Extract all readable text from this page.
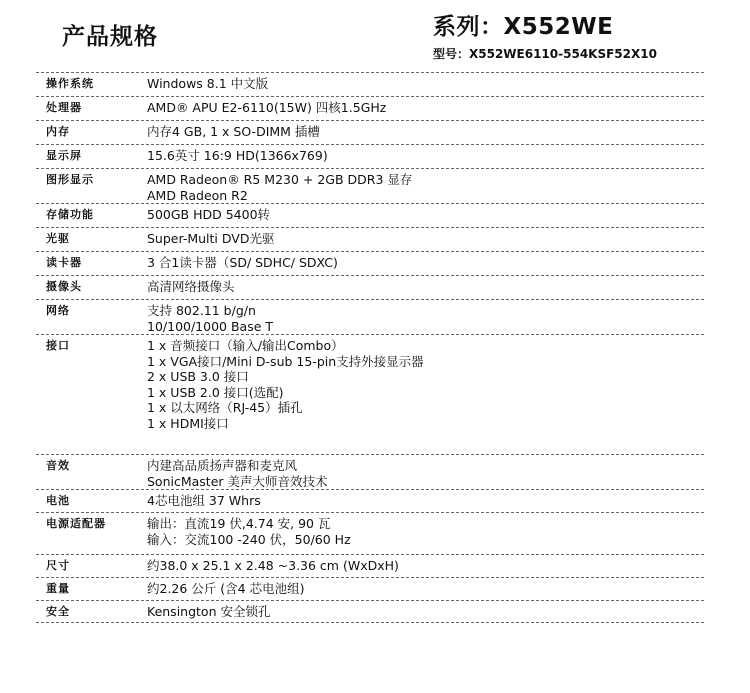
产品规格	系列：X552WE
型号：X552WE6110-554KSF52X10
操作系统	Windows 8.1 中文版
处理器	AMD® APU E2-6110(15W) 四核1.5GHz
内存	内存4 GB, 1 x SO-DIMM 插槽
显示屏	15.6英寸 16:9 HD(1366x769)
图形显示	AMD Radeon® R5 M230 + 2GB DDR3 显存
AMD Radeon R2
存储功能	500GB HDD 5400转
光驱	Super-Multi DVD光驱
读卡器	3 合1读卡器（SD/ SDHC/ SDXC)
摄像头	高清网络摄像头
网络	支持 802.11 b/g/n
10/100/1000 Base T
接口	1 x 音频接口（输入/输出Combo）
1 x VGA接口/Mini D-sub 15-pin支持外接显示器
2 x USB 3.0 接口
1 x USB 2.0 接口(选配)
1 x 以太网络（RJ-45）插孔
1 x HDMI接口
音效	内建高品质扬声器和麦克风
SonicMaster 美声大师音效技术
电池	4芯电池组 37 Whrs
电源适配器	输出：直流19 伏,4.74 安, 90 瓦
输入：交流100 -240 伏，50/60 Hz
尺寸	约38.0 x 25.1 x 2.48 ~3.36 cm (WxDxH)
重量	约2.26 公斤 (含4 芯电池组)
安全	Kensington 安全锁孔
